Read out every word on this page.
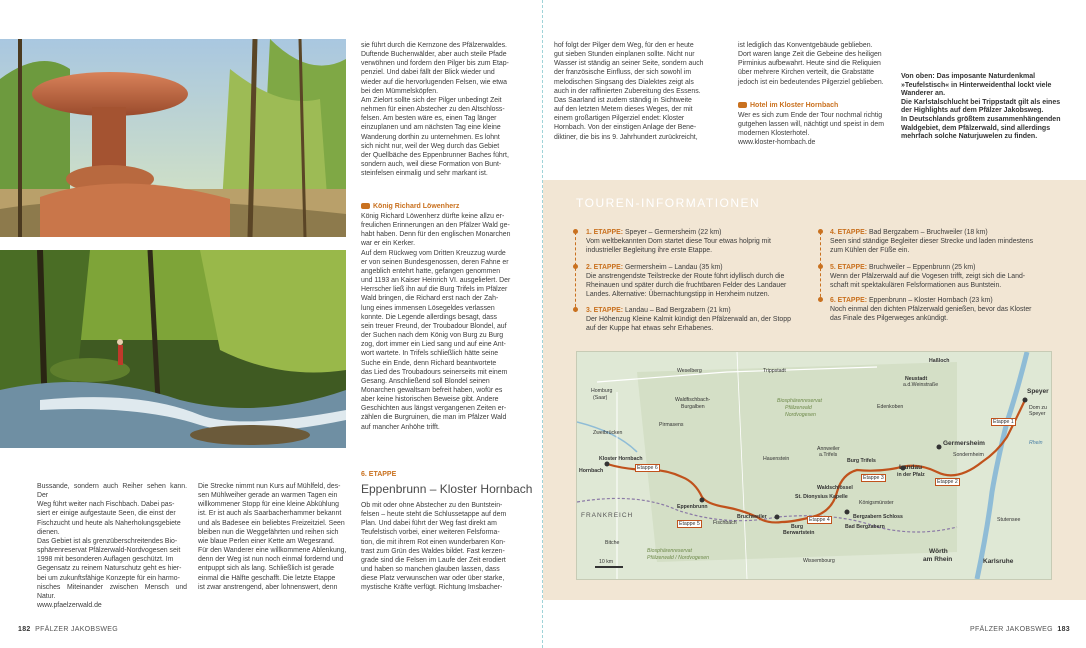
sie führt durch die Kernzone des Pfälzerwaldes.

Duftende Buchenwälder, aber auch steile Pfade

verwöhnen und fordern den Pilger bis zum Etap-

penziel. Und dabei fällt der Blick wieder und

wieder auf die hervorlugenden Felsen, wie etwa

bei den Mümmelsköpfen.

Am Zielort sollte sich der Pilger unbedingt Zeit

nehmen für einen Abstecher zu den Altschloss-

felsen. Am besten wäre es, einen Tag länger

einzuplanen und am nächsten Tag eine kleine

Wanderung dorthin zu unternehmen. Es lohnt

sich nicht nur, weil der Weg durch das Gebiet

der Quellbäche des Eppenbrunner Baches führt,

sondern auch, weil diese Formation von Bunt-

steinfelsen einmalig und sehr markant ist.

König Richard Löwenherz

König Richard Löwenherz dürfte keine allzu er-

freulichen Erinnerungen an den Pfälzer Wald ge-

habt haben. Denn für den englischen Monarchen

war er ein Kerker.

Auf dem Rückweg vom Dritten Kreuzzug wurde

er von seinen Bundesgenossen, deren Fahne er

angeblich entehrt hatte, gefangen genommen

und 1193 an Kaiser Heinrich VI. ausgeliefert. Der

Herrscher ließ ihn auf die Burg Trifels im Pfälzer

Wald bringen, die Richard erst nach der Zah-

lung eines immensen Lösegeldes verlassen

konnte. Die Legende allerdings besagt, dass

sein treuer Freund, der Troubadour Blondel, auf

der Suchen nach dem König von Burg zu Burg

zog, dort immer ein Lied sang und auf eine Ant-

wort wartete. In Trifels schließlich hätte seine

Suche ein Ende, denn Richard beantwortete

das Lied des Troubadours seinerseits mit einem

Gesang. Anschließend soll Blondel seinen

Monarchen gewaltsam befreit haben, wofür es

aber keine historischen Beweise gibt. Andere

Geschichten aus längst vergangenen Zeiten er-

zählen die Burgruinen, die man im Pfälzer Wald

auf mancher Anhöhe trifft.

Bussande, sondern auch Reiher sehen kann. Der

Weg führt weiter nach Fischbach. Dabei pas-

siert er einige aufgestaute Seen, die einst der

Fischzucht und heute als Naherholungsgebiete

dienen.

Das Gebiet ist als grenzüberschreitendes Bio-

sphärenreservat Pfälzerwald-Nordvogesen seit

1998 mit besonderen Auflagen geschützt. Im

Gegensatz zu reinem Naturschutz geht es hier-

bei um zukunftsfähige Konzepte für ein harmo-

nisches Miteinander zwischen Mensch und Natur.

www.pfaelzerwald.de

Die Strecke nimmt nun Kurs auf Mühlfeld, des-

sen Mühlweiher gerade an warmen Tagen ein

willkommener Stopp für eine kleine Abkühlung

ist. Er ist auch als Saarbacherhammer bekannt

und als Badesee ein beliebtes Freizeitziel. Seen

bleiben nun die Weggefährten und reihen sich

wie blaue Perlen einer Kette am Wegesrand.

Für den Wanderer eine willkommene Ablenkung,

denn der Weg ist nun noch einmal fordernd und

entpuppt sich als lang. Schließlich ist gerade

einmal die Hälfte geschafft. Die letzte Etappe

ist zwar anstrengend, aber lohnenswert, denn

6. ETAPPE
Eppenbrunn – Kloster Hornbach

Ob mit oder ohne Abstecher zu den Buntstein-

felsen – heute steht die Schlussetappe auf dem

Plan. Und dabei führt der Weg fast direkt am

Teufelstisch vorbei, einer weiteren Felsforma-

tion, die mit ihrem Rot einen wunderbaren Kon-

trast zum Grün des Waldes bildet. Fast kerzen-

grade sind die Felsen im Laufe der Zeit erodiert

und haben so manchen glauben lassen, dass

diese Platz verwunschen war oder über starke,

mystische Kräfte verfügt. Richtung Imsbacher-

182 PFÄLZER JAKOBSWEG

hof folgt der Pilger dem Weg, für den er heute

gut sieben Stunden einplanen sollte. Nicht nur

Wasser ist ständig an seiner Seite, sondern auch

der französische Einfluss, der sich sowohl im

melodischen Singsang des Dialektes zeigt als

auch in der raffinierten Zubereitung des Essens.

Das Saarland ist zudem ständig in Sichtweite

auf den letzten Metern dieses Weges, der mit

einem großartigen Pilgerziel endet: Kloster

Hornbach. Von der einstigen Anlage der Bene-

diktiner, die bis ins 9. Jahrhundert zurückreicht,

ist lediglich das Konventgebäude geblieben.

Dort waren lange Zeit die Gebeine des heiligen

Pirminius aufbewahrt. Heute sind die Reliquien

über mehrere Kirchen verteilt, die Grabstätte

jedoch ist ein bedeutendes Pilgerziel geblieben.

Hotel im Kloster Hornbach

Wer es sich zum Ende der Tour nochmal richtig

gutgehen lassen will, nächtigt und speist in dem

modernen Klosterhotel.

www.kloster-hornbach.de

Von oben: Das imposante Naturdenkmal
»Teufelstisch« in Hinterweidenthal lockt viele
Wanderer an.
Die Karlstalschlucht bei Trippstadt gilt als eines
der Highlights auf dem Pfälzer Jakobsweg.
In Deutschlands größtem zusammenhängenden
Waldgebiet, dem Pfälzerwald, sind allerdings
mehrfach solche Naturjuwelen zu finden.
TOUREN-INFORMATIONEN
1. ETAPPE: Speyer – Germersheim (22 km)
Vom weltbekannten Dom startet diese Tour etwas holprig mit
industrieller Begleitung ihre erste Etappe.
2. ETAPPE: Germersheim – Landau (35 km)
Die anstrengendste Teilstrecke der Route führt idyllisch durch die
Rheinauen und später durch die fruchtbaren Felder des Landauer
Landes. Alternative: Übernachtungstipp in Herxheim nutzen.
3. ETAPPE: Landau – Bad Bergzabern (21 km)
Der Höhenzug Kleine Kalmit kündigt den Pfälzerwald an, der Stopp
auf der Kuppe hat etwas sehr Erhabenes.
4. ETAPPE: Bad Bergzabern – Bruchweiler (18 km)
Seen sind ständige Begleiter dieser Strecke und laden mindestens
zum Kühlen der Füße ein.
5. ETAPPE: Bruchweiler – Eppenbrunn (25 km)
Wenn der Pfälzerwald auf die Vogesen trifft, zeigt sich die Land-
schaft mit spektakulären Felsformationen aus Buntstein.
6. ETAPPE: Eppenbrunn – Kloster Hornbach (23 km)
Noch einmal den dichten Pfälzerwald genießen, bevor das Kloster
das Finale des Pilgerweges ankündigt.
Haßloch
Weselberg	Trippstadt
Neustadt
a.d.Weinstraße
Speyer
Dom zu
Speyer
Homburg
(Saar)	Waldfischbach-
Burgalben
Biosphärenreservat
Pfälzerwald
Nordvogesen
Edenkoben
Zweibrücken
Pirmasens
Germersheim
Sondernheim
Hornbach
Kloster Hornbach	Hauenstein
Annweiler
a.Trifels
Burg Trifels
Landau
in der Pfalz
Waldschlössel
St. Dionysius Kapelle
Königsmünster
FRANKREICH
Eppenbrunn
Fischbach
Bruchweiler
Burg
Berwartstein
Bergzabern Schloss
Bad Bergzabern
Stutensee
Bitche
Biosphärenreservat
Pfälzerwald / Nordvogesen
10 km
Wörth
am Rhein
Wissembourg	Karlsruhe
Rhein
Etappe 1
Etappe 2
Etappe 3
Etappe 4
Etappe 5
Etappe 6
PFÄLZER JAKOBSWEG 183
